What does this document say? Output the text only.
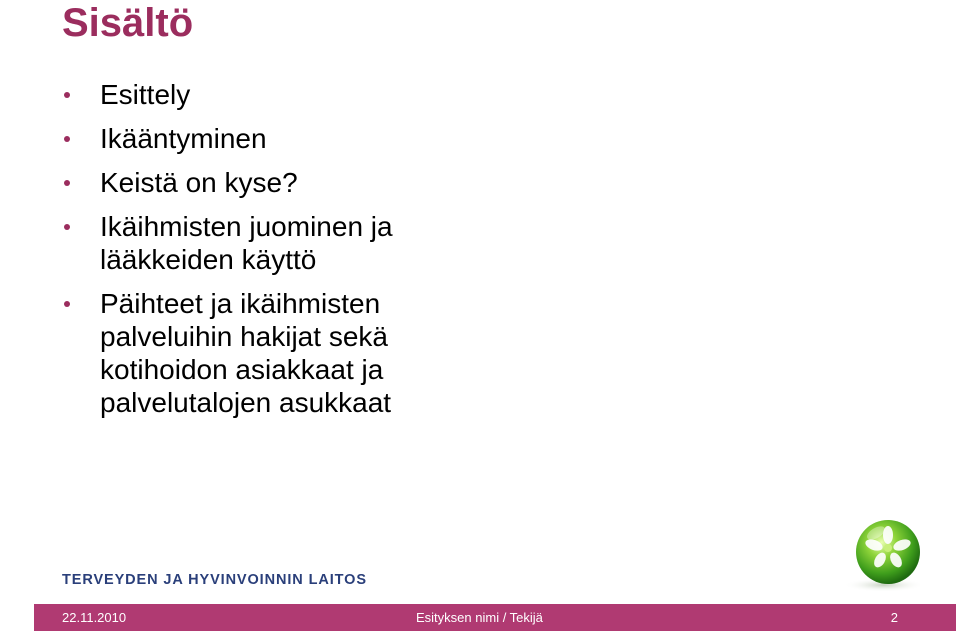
Sisältö
Esittely
Ikääntyminen
Keistä on kyse?
Ikäihmisten juominen ja lääkkeiden käyttö
Päihteet ja ikäihmisten palveluihin hakijat sekä kotihoidon asiakkaat ja palvelutalojen asukkaat
TERVEYDEN JA HYVINVOINNIN LAITOS
22.11.2010	Esityksen nimi / Tekijä	2
